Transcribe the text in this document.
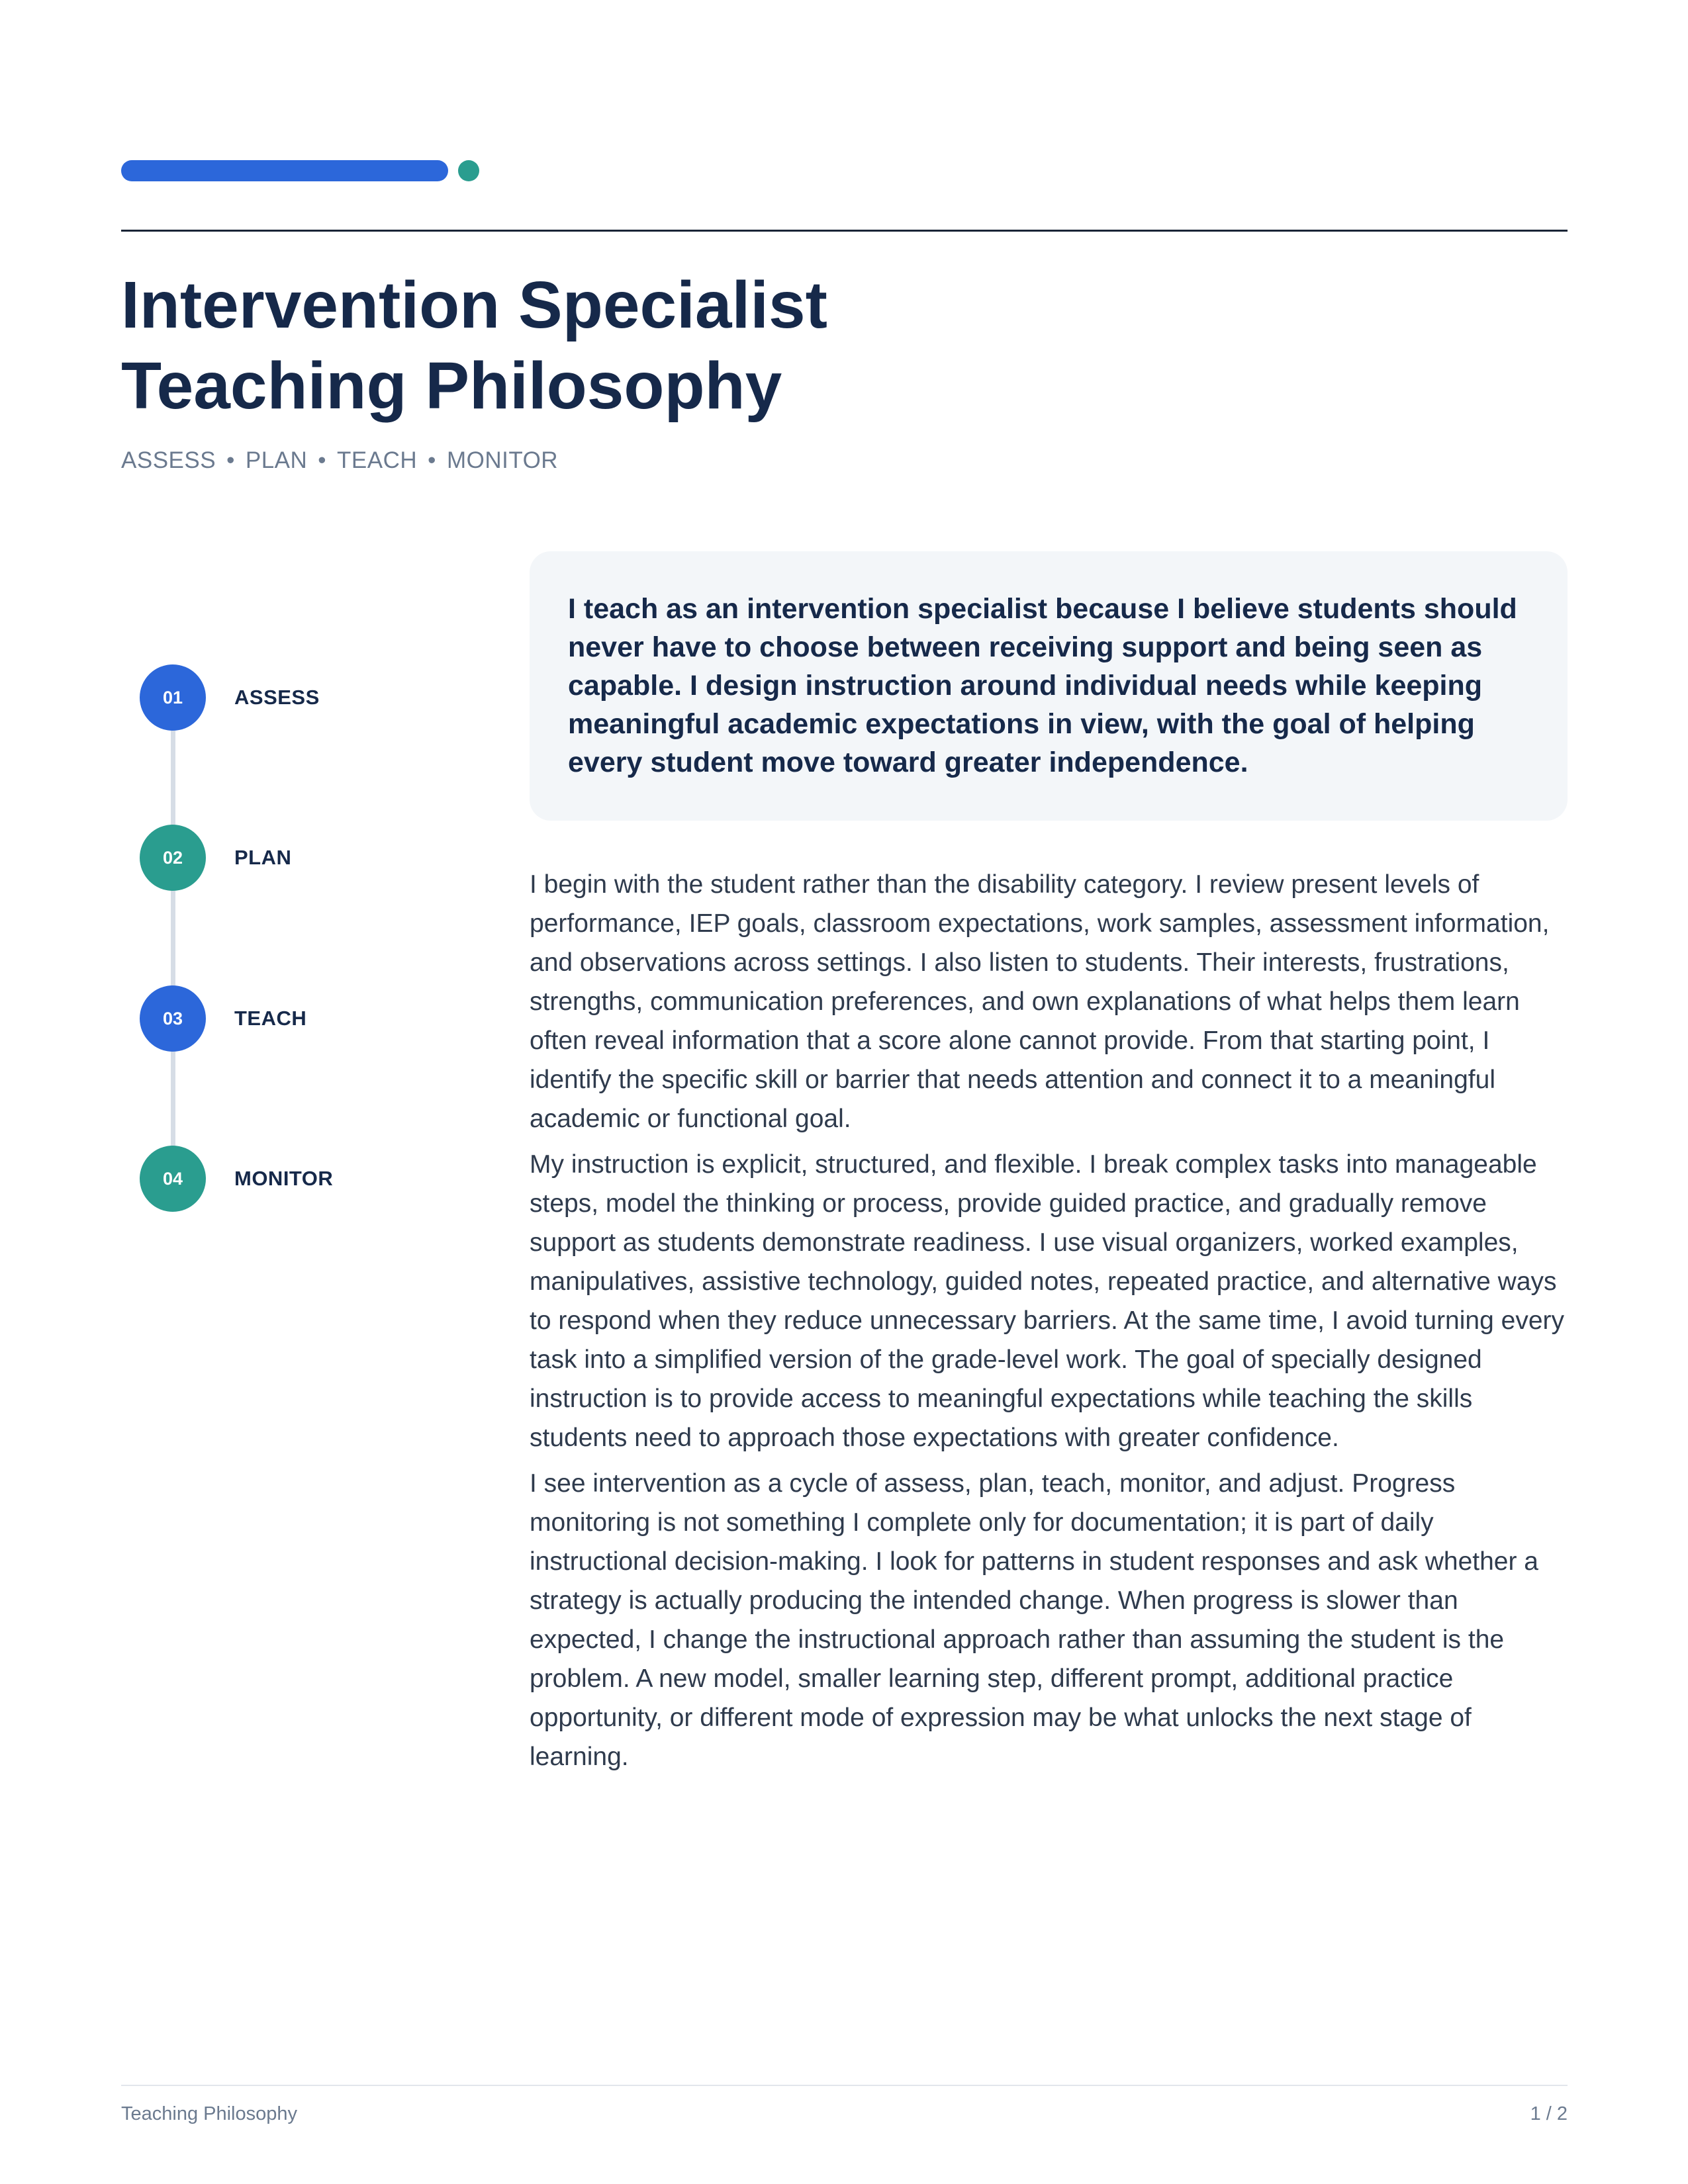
Intervention Specialist
Teaching Philosophy
ASSESS • PLAN • TEACH • MONITOR
01	ASSESS
02	PLAN
03	TEACH
04	MONITOR

I teach as an intervention specialist because I believe students should never have to choose between receiving support and being seen as capable. I design instruction around individual needs while keeping meaningful academic expectations in view, with the goal of helping every student move toward greater independence.

I begin with the student rather than the disability category. I review present levels of performance, IEP goals, classroom expectations, work samples, assessment information, and observations across settings. I also listen to students. Their interests, frustrations, strengths, communication preferences, and own explanations of what helps them learn often reveal information that a score alone cannot provide. From that starting point, I identify the specific skill or barrier that needs attention and connect it to a meaningful academic or functional goal.

My instruction is explicit, structured, and flexible. I break complex tasks into manageable steps, model the thinking or process, provide guided practice, and gradually remove support as students demonstrate readiness. I use visual organizers, worked examples, manipulatives, assistive technology, guided notes, repeated practice, and alternative ways to respond when they reduce unnecessary barriers. At the same time, I avoid turning every task into a simplified version of the grade-level work. The goal of specially designed instruction is to provide access to meaningful expectations while teaching the skills students need to approach those expectations with greater confidence.

I see intervention as a cycle of assess, plan, teach, monitor, and adjust. Progress monitoring is not something I complete only for documentation; it is part of daily instructional decision-making. I look for patterns in student responses and ask whether a strategy is actually producing the intended change. When progress is slower than expected, I change the instructional approach rather than assuming the student is the problem. A new model, smaller learning step, different prompt, additional practice opportunity, or different mode of expression may be what unlocks the next stage of learning.

Teaching Philosophy	1 / 2
